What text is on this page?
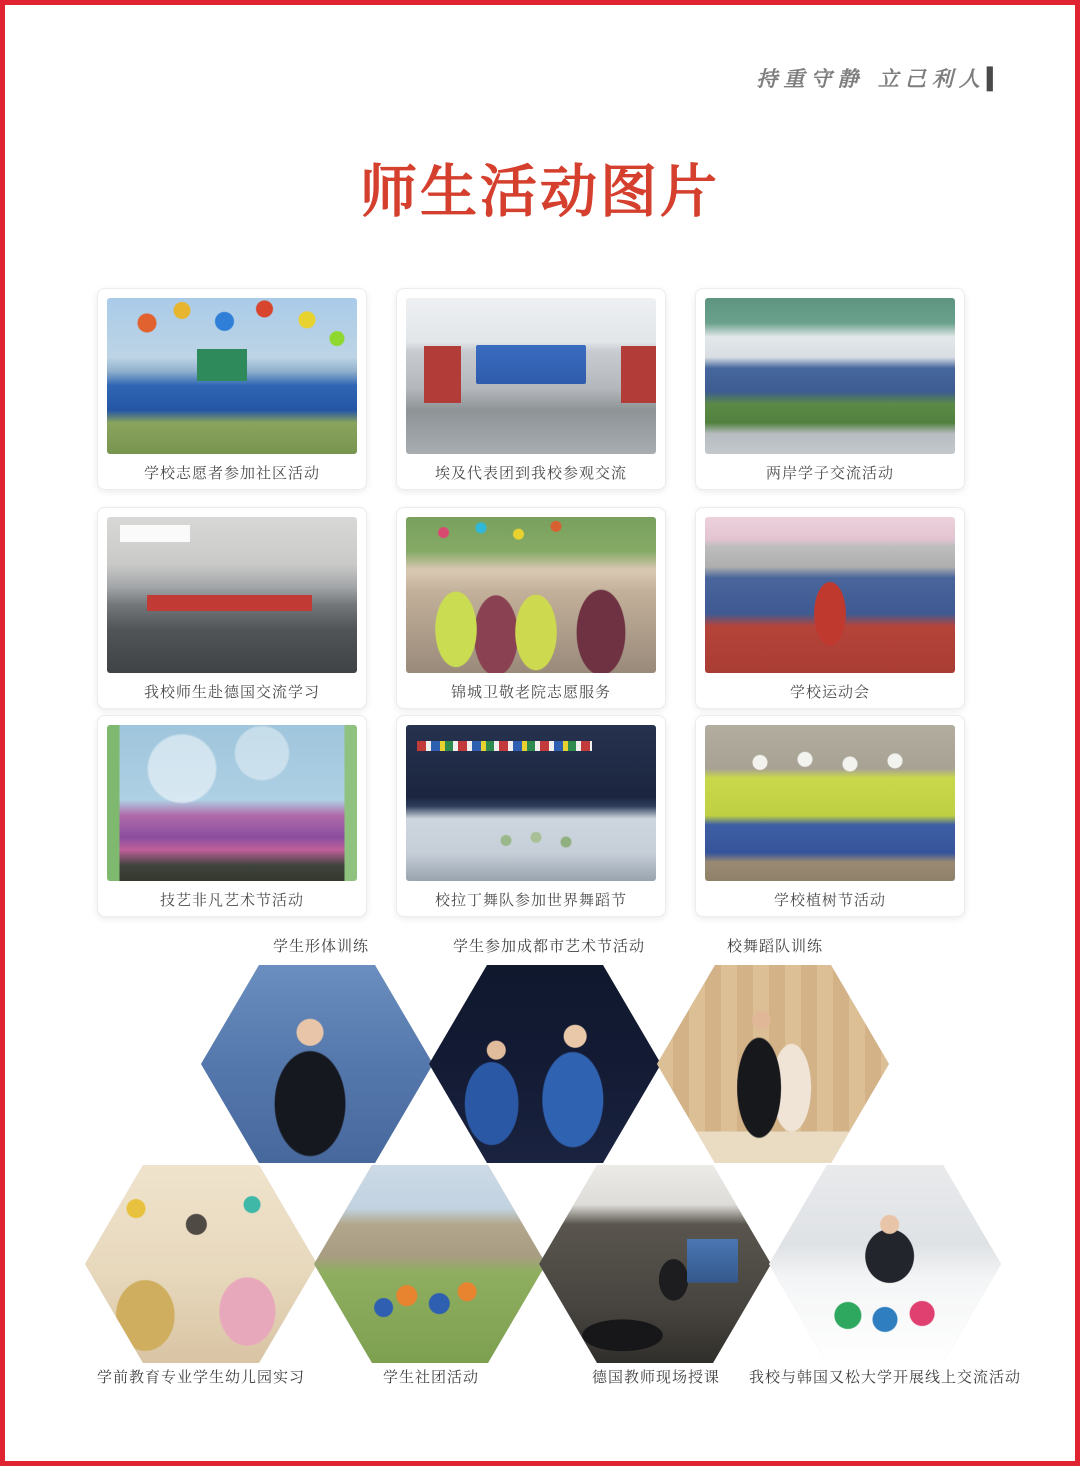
持重守静 立己利人▍
师生活动图片
学校志愿者参加社区活动	埃及代表团到我校参观交流	两岸学子交流活动
我校师生赴德国交流学习	锦城卫敬老院志愿服务	学校运动会
技艺非凡艺术节活动	校拉丁舞队参加世界舞蹈节	学校植树节活动
学生形体训练	学生参加成都市艺术节活动	校舞蹈队训练
学前教育专业学生幼儿园实习	学生社团活动	德国教师现场授课 我校与韩国又松大学开展线上交流活动
